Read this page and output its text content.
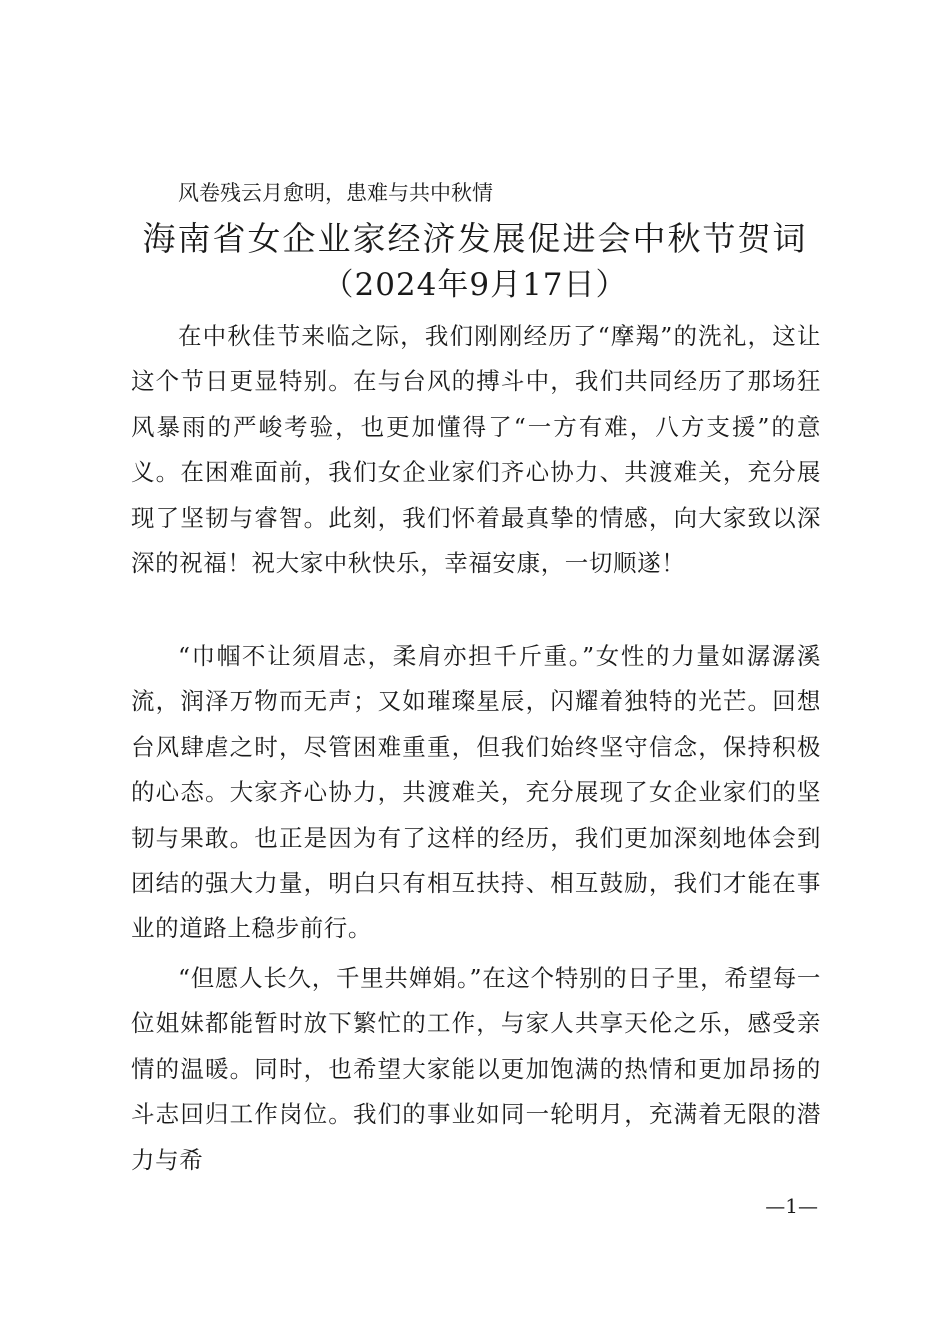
风卷残云月愈明，患难与共中秋情
海南省女企业家经济发展促进会中秋节贺词
（2024年9月17日）

在中秋佳节来临之际，我们刚刚经历了“摩羯”的洗礼，这让这个节日更显特别。在与台风的搏斗中，我们共同经历了那场狂风暴雨的严峻考验，也更加懂得了“一方有难，八方支援”的意义。在困难面前，我们女企业家们齐心协力、共渡难关，充分展现了坚韧与睿智。此刻，我们怀着最真挚的情感，向大家致以深深的祝福！祝大家中秋快乐，幸福安康，一切顺遂！

“巾帼不让须眉志，柔肩亦担千斤重。”女性的力量如潺潺溪流，润泽万物而无声；又如璀璨星辰，闪耀着独特的光芒。回想台风肆虐之时，尽管困难重重，但我们始终坚守信念，保持积极的心态。大家齐心协力，共渡难关，充分展现了女企业家们的坚韧与果敢。也正是因为有了这样的经历，我们更加深刻地体会到团结的强大力量，明白只有相互扶持、相互鼓励，我们才能在事业的道路上稳步前行。

“但愿人长久，千里共婵娟。”在这个特别的日子里，希望每一位姐妹都能暂时放下繁忙的工作，与家人共享天伦之乐，感受亲情的温暖。同时，也希望大家能以更加饱满的热情和更加昂扬的斗志回归工作岗位。我们的事业如同一轮明月，充满着无限的潜力与希

—1—
